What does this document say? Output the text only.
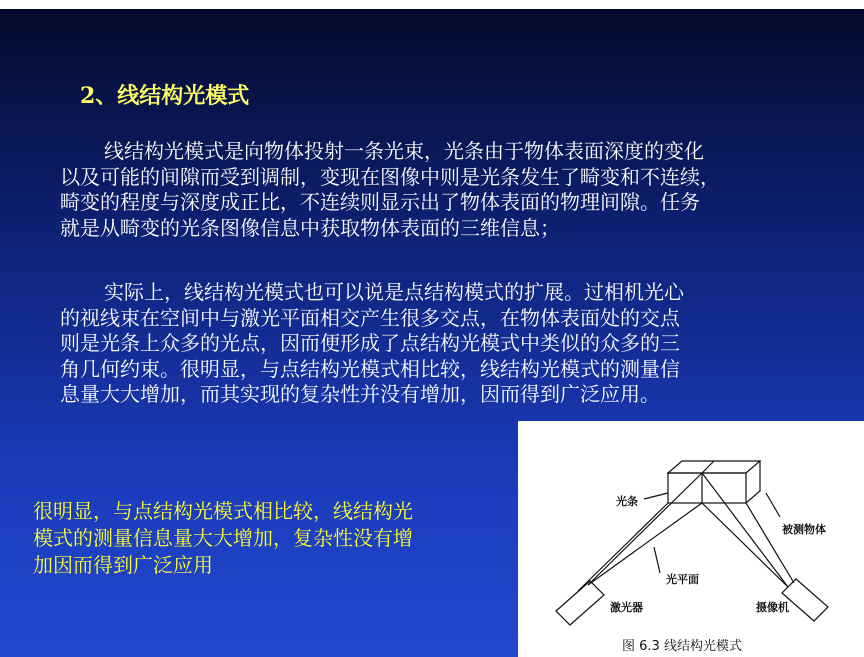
2、线结构光模式

线结构光模式是向物体投射一条光束，光条由于物体表面深度的变化
以及可能的间隙而受到调制，变现在图像中则是光条发生了畸变和不连续，
畸变的程度与深度成正比，不连续则显示出了物体表面的物理间隙。任务
就是从畸变的光条图像信息中获取物体表面的三维信息；

实际上，线结构光模式也可以说是点结构模式的扩展。过相机光心
的视线束在空间中与激光平面相交产生很多交点，在物体表面处的交点
则是光条上众多的光点，因而便形成了点结构光模式中类似的众多的三
角几何约束。很明显，与点结构光模式相比较，线结构光模式的测量信
息量大大增加，而其实现的复杂性并没有增加，因而得到广泛应用。

很明显，与点结构光模式相比较，线结构光
模式的测量信息量大大增加，复杂性没有增
加因而得到广泛应用
光条
被测物体
光平面
激光器	摄像机
图 6.3 线结构光模式
